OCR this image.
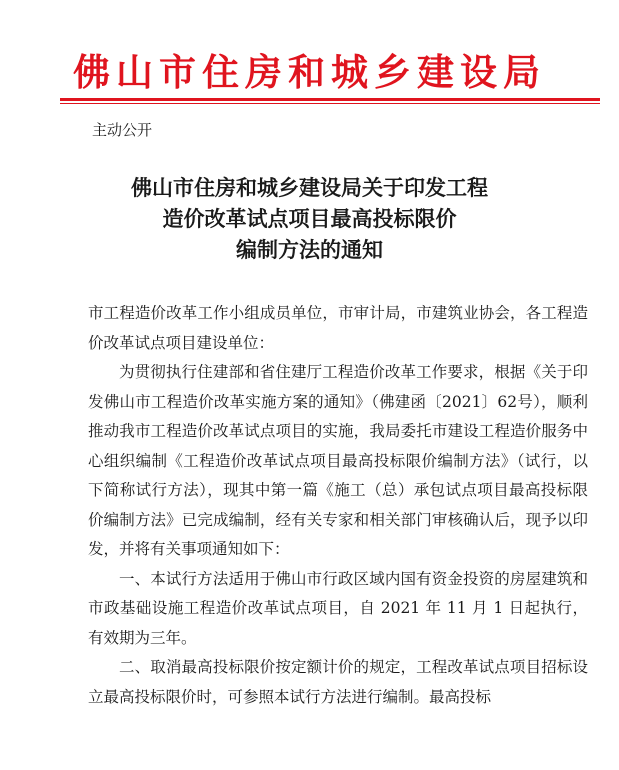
佛山市住房和城乡建设局
主动公开
佛山市住房和城乡建设局关于印发工程
造价改革试点项目最高投标限价
编制方法的通知

市工程造价改革工作小组成员单位，市审计局，市建筑业协会，各工程造价改革试点项目建设单位：

为贯彻执行住建部和省住建厅工程造价改革工作要求，根据《关于印发佛山市工程造价改革实施方案的通知》（佛建函〔2021〕62号），顺利推动我市工程造价改革试点项目的实施，我局委托市建设工程造价服务中心组织编制《工程造价改革试点项目最高投标限价编制方法》（试行，以下简称试行方法），现其中第一篇《施工（总）承包试点项目最高投标限价编制方法》已完成编制，经有关专家和相关部门审核确认后，现予以印发，并将有关事项通知如下：

一、本试行方法适用于佛山市行政区域内国有资金投资的房屋建筑和市政基础设施工程造价改革试点项目，自 2021 年 11 月 1 日起执行，有效期为三年。

二、取消最高投标限价按定额计价的规定，工程改革试点项目招标设立最高投标限价时，可参照本试行方法进行编制。最高投标
